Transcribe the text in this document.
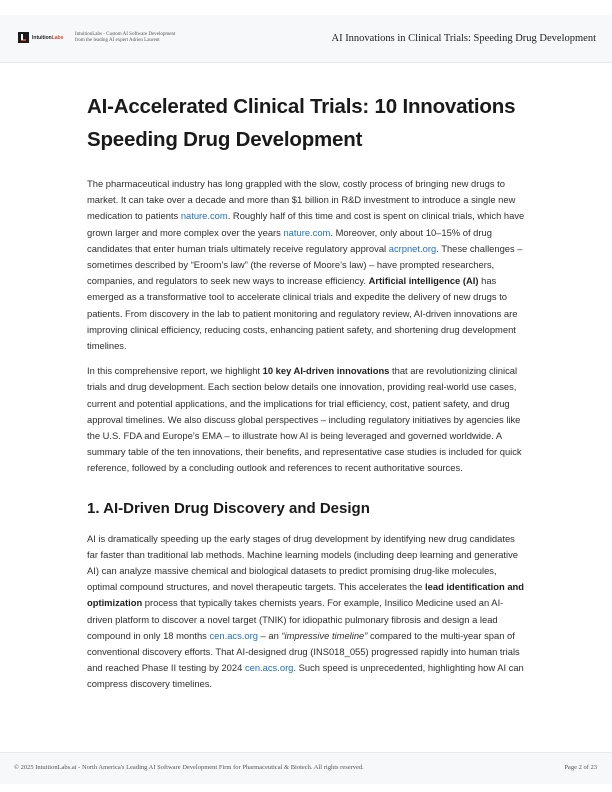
IntuitionLabs IntuitionLabs - Custom AI Software Development
from the leading AI expert Adrien Laurent	AI Innovations in Clinical Trials: Speeding Drug Development
AI-Accelerated Clinical Trials: 10 Innovations Speeding Drug Development

The pharmaceutical industry has long grappled with the slow, costly process of bringing new drugs to market. It can take over a decade and more than $1 billion in R&D investment to introduce a single new medication to patients nature.com. Roughly half of this time and cost is spent on clinical trials, which have grown larger and more complex over the years nature.com. Moreover, only about 10–15% of drug candidates that enter human trials ultimately receive regulatory approval acrpnet.org. These challenges – sometimes described by “Eroom’s law” (the reverse of Moore’s law) – have prompted researchers, companies, and regulators to seek new ways to increase efficiency. Artificial intelligence (AI) has emerged as a transformative tool to accelerate clinical trials and expedite the delivery of new drugs to patients. From discovery in the lab to patient monitoring and regulatory review, AI-driven innovations are improving clinical efficiency, reducing costs, enhancing patient safety, and shortening drug development timelines.

In this comprehensive report, we highlight 10 key AI-driven innovations that are revolutionizing clinical trials and drug development. Each section below details one innovation, providing real-world use cases, current and potential applications, and the implications for trial efficiency, cost, patient safety, and drug approval timelines. We also discuss global perspectives – including regulatory initiatives by agencies like the U.S. FDA and Europe’s EMA – to illustrate how AI is being leveraged and governed worldwide. A summary table of the ten innovations, their benefits, and representative case studies is included for quick reference, followed by a concluding outlook and references to recent authoritative sources.

1. AI-Driven Drug Discovery and Design

AI is dramatically speeding up the early stages of drug development by identifying new drug candidates far faster than traditional lab methods. Machine learning models (including deep learning and generative AI) can analyze massive chemical and biological datasets to predict promising drug-like molecules, optimal compound structures, and novel therapeutic targets. This accelerates the lead identification and optimization process that typically takes chemists years. For example, Insilico Medicine used an AI-driven platform to discover a novel target (TNIK) for idiopathic pulmonary fibrosis and design a lead compound in only 18 months cen.acs.org – an “impressive timeline” compared to the multi-year span of conventional discovery efforts. That AI-designed drug (INS018_055) progressed rapidly into human trials and reached Phase II testing by 2024 cen.acs.org. Such speed is unprecedented, highlighting how AI can compress discovery timelines.

© 2025 IntuitionLabs.ai - North America's Leading AI Software Development Firm for Pharmaceutical & Biotech. All rights reserved.	Page 2 of 23
